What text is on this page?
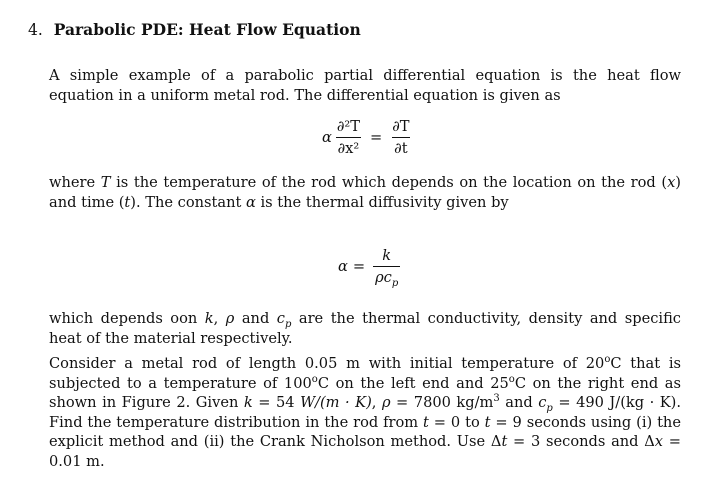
4. Parabolic PDE: Heat Flow Equation
A simple example of a parabolic partial differential equation is the heat flow equation in a uniform metal rod. The differential equation is given as
α $\frac{\text{∂²T}}{\text{∂x²}} = \frac{\partial T}{\partial t}$
where T is the temperature of the rod which depends on the location on the rod (x) and time (t). The constant α is the thermal diffusivity given by
$\alpha = \frac{k}{\rho c_p}$
which depends oon k, ρ and $c_p$ are the thermal conductivity, density and specific heat of the material respectively.
Consider a metal rod of length 0.05 m with initial temperature of 20$^o$C that is subjected to a temperature of 100$^o$C on the left end and 25$^o$C on the right end as shown in Figure 2. Given k = 54 W/(m · K), ρ = 7800 $kg/m^3$ and $c_p = 490$ J/(kg · K). Find the temperature distribution in the rod from t = 0 to t = 9 seconds using (i) the explicit method and (ii) the Crank Nicholson method. Use Δt = 3 seconds and Δx = 0.01 m.
